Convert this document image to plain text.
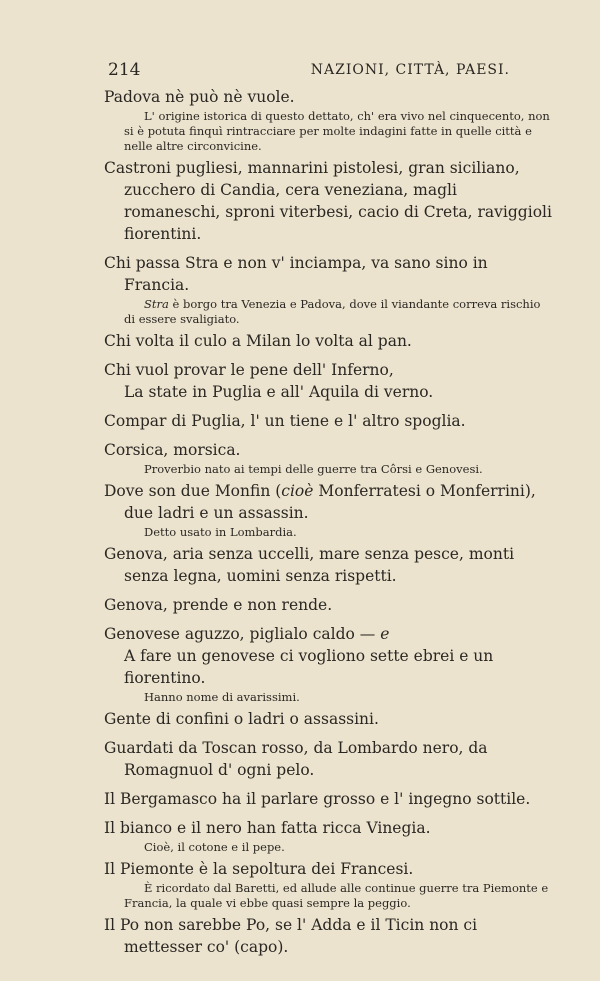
214	NAZIONI, CITTÀ, PAESI.

Padova nè può nè vuole.

L' origine istorica di questo dettato, ch' era vivo nel cinquecento, non si è potuta finquì rintracciare per molte indagini fatte in quelle città e nelle altre circonvicine.

Castroni pugliesi, mannarini pistolesi, gran siciliano, zucchero di Candia, cera veneziana, magli romaneschi, sproni viterbesi, cacio di Creta, raviggioli fiorentini.

Chi passa Stra e non v' inciampa, va sano sino in Francia.

Stra è borgo tra Venezia e Padova, dove il viandante correva rischio di essere svaligiato.

Chi volta il culo a Milan lo volta al pan.

Chi vuol provar le pene dell' Inferno,

La state in Puglia e all' Aquila di verno.

Compar di Puglia, l' un tiene e l' altro spoglia.

Corsica, morsica.

Proverbio nato ai tempi delle guerre tra Côrsi e Genovesi.

Dove son due Monfin (cioè Monferratesi o Monferrini), due ladri e un assassin.

Detto usato in Lombardia.

Genova, aria senza uccelli, mare senza pesce, monti senza legna, uomini senza rispetti.

Genova, prende e non rende.

Genovese aguzzo, piglialo caldo — e

A fare un genovese ci vogliono sette ebrei e un fiorentino.

Hanno nome di avarissimi.

Gente di confini o ladri o assassini.

Guardati da Toscan rosso, da Lombardo nero, da Romagnuol d' ogni pelo.

Il Bergamasco ha il parlare grosso e l' ingegno sottile.

Il bianco e il nero han fatta ricca Vinegia.

Cioè, il cotone e il pepe.

Il Piemonte è la sepoltura dei Francesi.

È ricordato dal Baretti, ed allude alle continue guerre tra Piemonte e Francia, la quale vi ebbe quasi sempre la peggio.

Il Po non sarebbe Po, se l' Adda e il Ticin non ci mettesser co' (capo).
